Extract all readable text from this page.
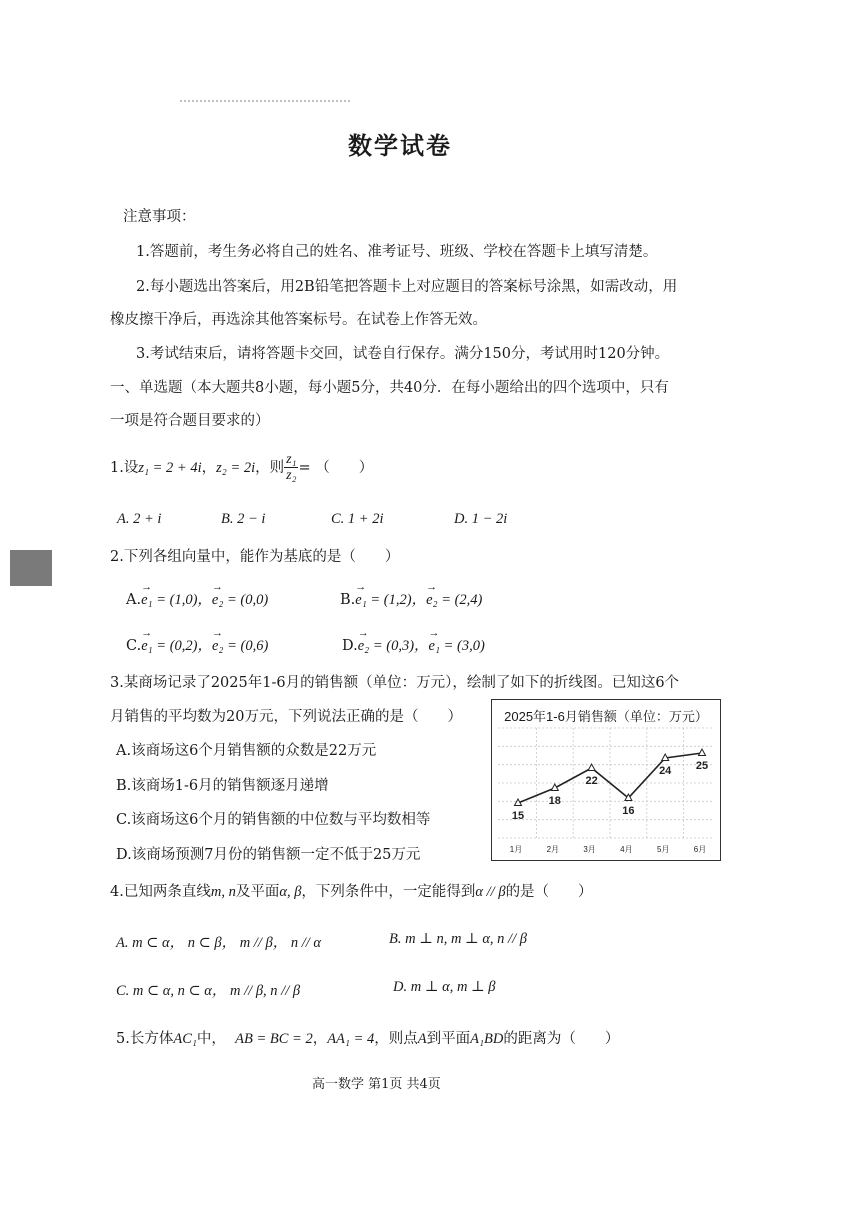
数学试卷
注意事项：
1.答题前，考生务必将自己的姓名、准考证号、班级、学校在答题卡上填写清楚。
2.每小题选出答案后，用2B铅笔把答题卡上对应题目的答案标号涂黑，如需改动，用
橡皮擦干净后，再选涂其他答案标号。在试卷上作答无效。
3.考试结束后，请将答题卡交回，试卷自行保存。满分150分，考试用时120分钟。
一、单选题（本大题共8小题，每小题5分，共40分．在每小题给出的四个选项中，只有
一项是符合题目要求的）
1.设z₁ = 2 + 4i，z₂ = 2i，则 $\frac{\text{z₁}}{\text{z₂}}$ = （　　）
A. 2 + i	B. 2 − i	C. 1 + 2i	D. 1 − 2i
2.下列各组向量中，能作为基底的是（　　）
A.→ e₁ = (1,0)，→ e₂ = (0,0)	B.→ e₁ = (1,2)，→ e₂ = (2,4)
C.→ e₁ = (0,2)，→ e₂ = (0,6)	D.→ e₂ = (0,3)，→ e₁ = (3,0)
3.某商场记录了2025年1-6月的销售额（单位：万元），绘制了如下的折线图。已知这6个
月销售的平均数为20万元，下列说法正确的是（　　）
A.该商场这6个月销售额的众数是22万元
B.该商场1-6月的销售额逐月递增
C.该商场这6个月的销售额的中位数与平均数相等
D.该商场预测7月份的销售额一定不低于25万元
2025年1-6月销售额（单位：万元）
15
18
22
16
24 25
1月	2月	3月	4月	5月	6月
4.已知两条直线m, n及平面α, β，下列条件中，一定能得到α // β的是（　　）
A. m ⊂ α， n ⊂ β， m // β， n // α	B. m ⊥ n, m ⊥ α, n // β
C. m ⊂ α, n ⊂ α， m // β, n // β	D. m ⊥ α, m ⊥ β
5.长方体AC₁中， AB = BC = 2，AA₁ = 4，则点A到平面A₁BD的距离为（　　）
高一数学 第1页 共4页
